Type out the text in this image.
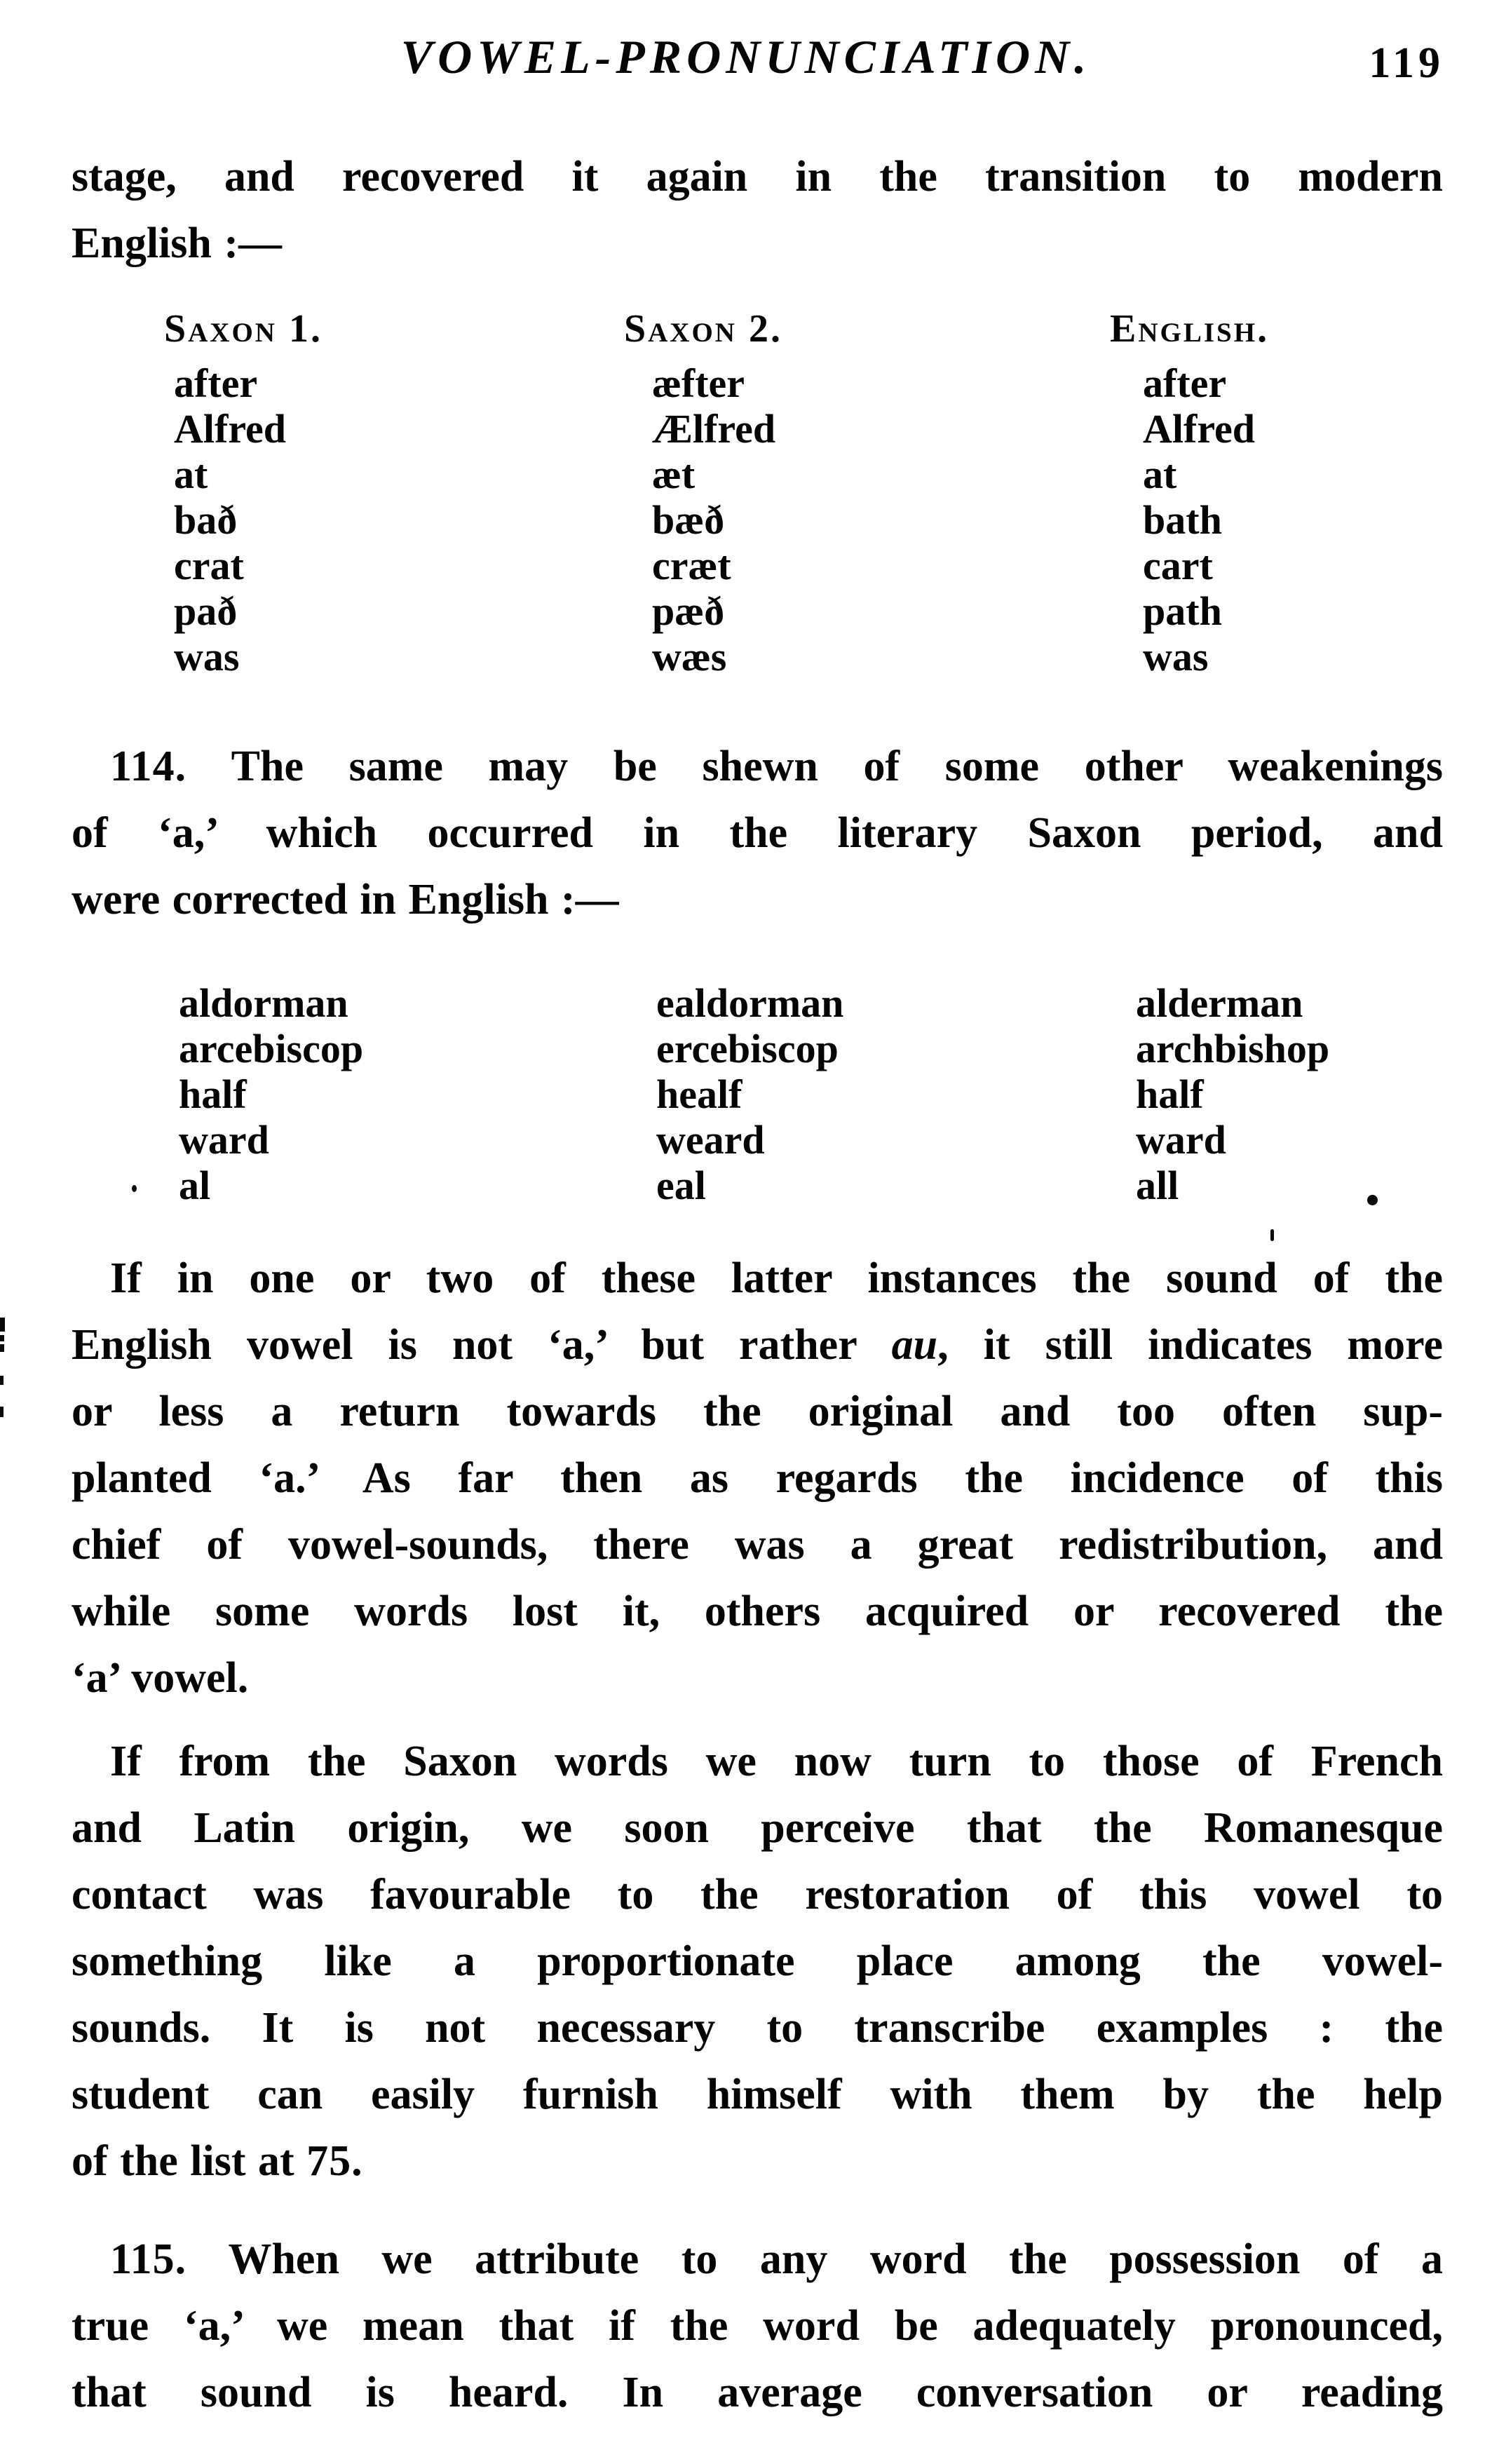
VOWEL-PRONUNCIATION.	119
stage, and recovered it again in the transition to modern
English :—
Saxon 1.	Saxon 2.	English.
after	æfter	after
Alfred	Ælfred	Alfred
at	æt	at
bað	bæð	bath
crat	cræt	cart
pað	pæð	path
was	wæs	was
114. The same may be shewn of some other weakenings
of ‘a,’ which occurred in the literary Saxon period, and
were corrected in English :—
aldorman	ealdorman	alderman
arcebiscop	ercebiscop	archbishop
half	healf	half
ward	weard	ward
al	eal	all
If in one or two of these latter instances the sound of the
English vowel is not ‘a,’ but rather au, it still indicates more
or less a return towards the original and too often sup-
planted ‘a.’ As far then as regards the incidence of this
chief of vowel-sounds, there was a great redistribution, and
while some words lost it, others acquired or recovered the
‘a’ vowel.
If from the Saxon words we now turn to those of French
and Latin origin, we soon perceive that the Romanesque
contact was favourable to the restoration of this vowel to
something like a proportionate place among the vowel-
sounds. It is not necessary to transcribe examples : the
student can easily furnish himself with them by the help
of the list at 75.
115. When we attribute to any word the possession of a
true ‘a,’ we mean that if the word be adequately pronounced,
that sound is heard. In average conversation or reading
